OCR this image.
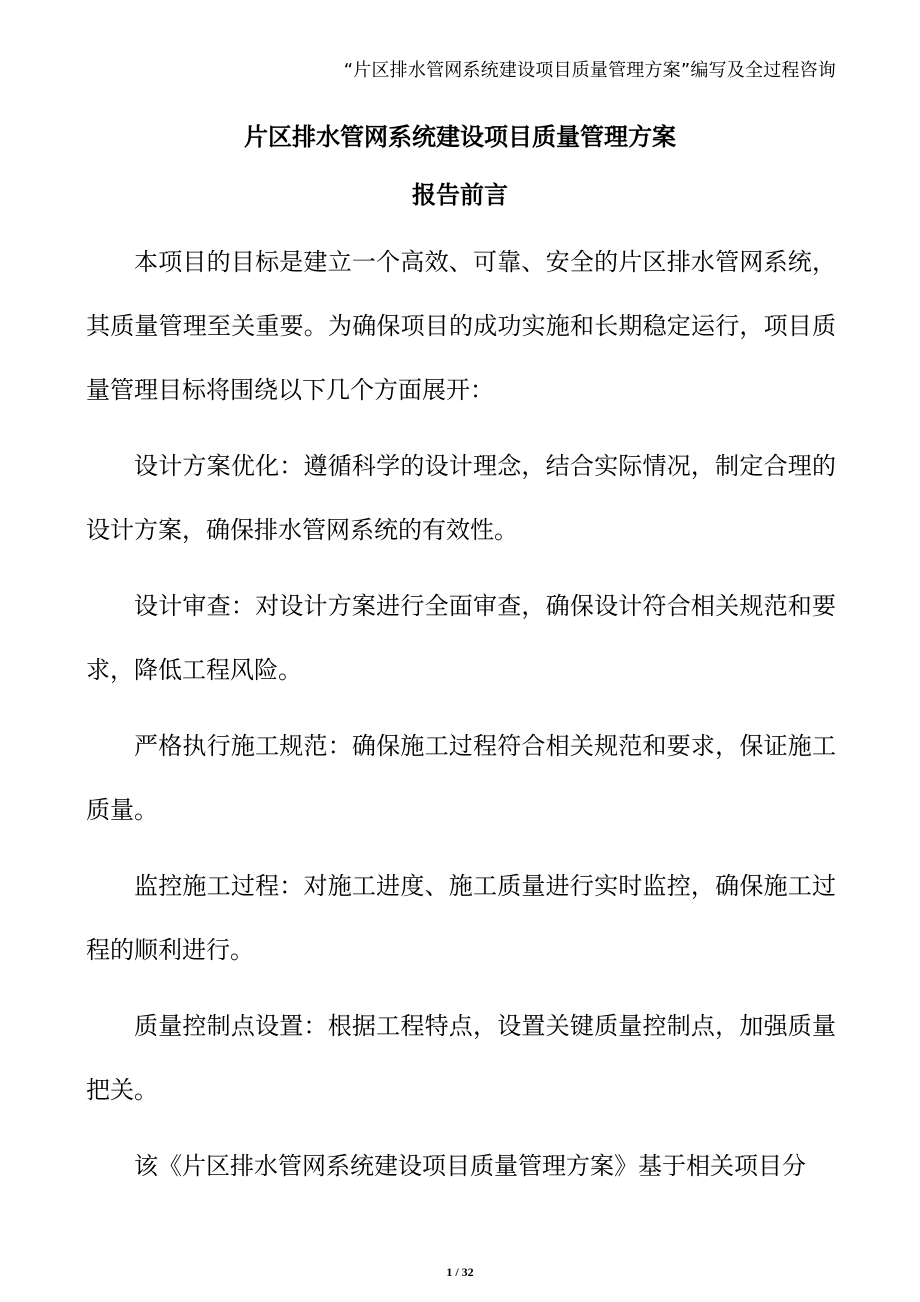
“片区排水管网系统建设项目质量管理方案”编写及全过程咨询
片区排水管网系统建设项目质量管理方案
报告前言

本项目的目标是建立一个高效、可靠、安全的片区排水管网系统，其质量管理至关重要。为确保项目的成功实施和长期稳定运行，项目质量管理目标将围绕以下几个方面展开：

设计方案优化：遵循科学的设计理念，结合实际情况，制定合理的设计方案，确保排水管网系统的有效性。

设计审查：对设计方案进行全面审查，确保设计符合相关规范和要求，降低工程风险。

严格执行施工规范：确保施工过程符合相关规范和要求，保证施工质量。

监控施工过程：对施工进度、施工质量进行实时监控，确保施工过程的顺利进行。

质量控制点设置：根据工程特点，设置关键质量控制点，加强质量把关。

该《片区排水管网系统建设项目质量管理方案》基于相关项目分

1 / 32
